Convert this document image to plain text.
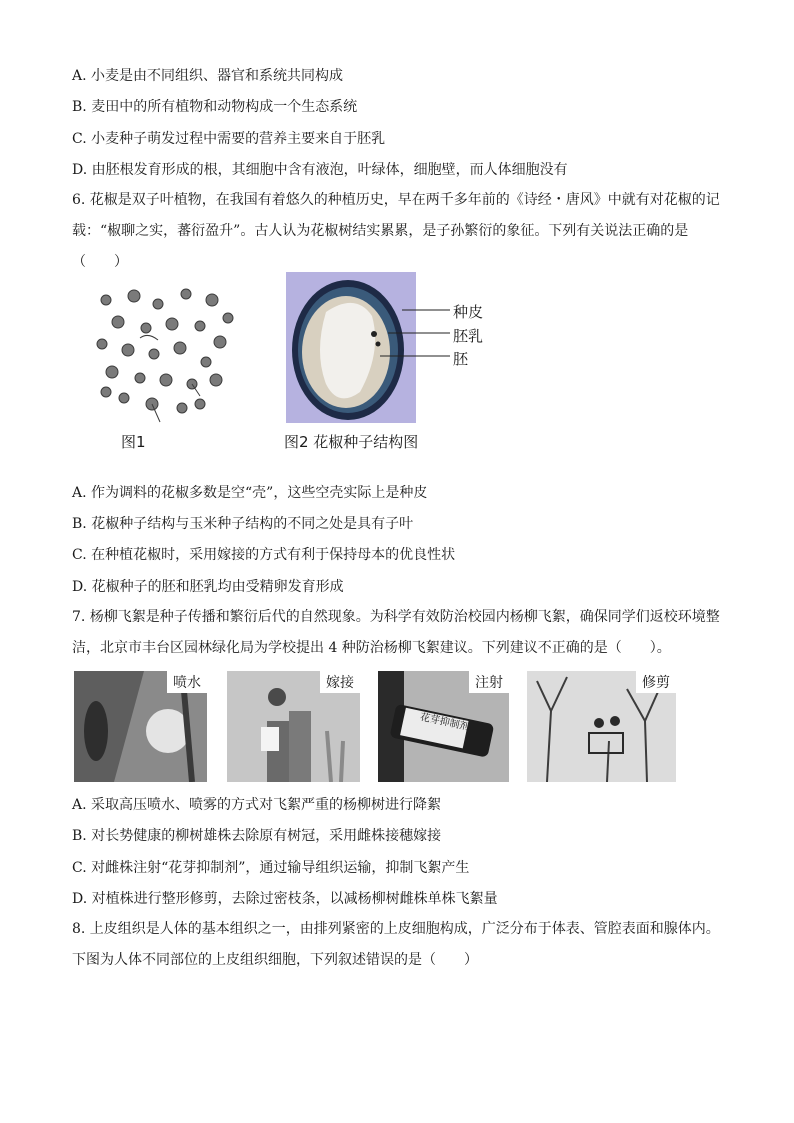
A. 小麦是由不同组织、器官和系统共同构成
B. 麦田中的所有植物和动物构成一个生态系统
C. 小麦种子萌发过程中需要的营养主要来自于胚乳
D. 由胚根发育形成的根，其细胞中含有液泡，叶绿体，细胞壁，而人体细胞没有
6. 花椒是双子叶植物，在我国有着悠久的种植历史，早在两千多年前的《诗经・唐风》中就有对花椒的记载：“椒聊之实，蕃衍盈升”。古人认为花椒树结实累累，是子孙繁衍的象征。下列有关说法正确的是（　　）
图1
种皮
胚乳
胚
图2 花椒种子结构图
A. 作为调料的花椒多数是空“壳”，这些空壳实际上是种皮
B. 花椒种子结构与玉米种子结构的不同之处是具有子叶
C. 在种植花椒时，采用嫁接的方式有利于保持母本的优良性状
D. 花椒种子的胚和胚乳均由受精卵发育形成
7. 杨柳飞絮是种子传播和繁衍后代的自然现象。为科学有效防治校园内杨柳飞絮，确保同学们返校环境整洁，北京市丰台区园林绿化局为学校提出 4 种防治杨柳飞絮建议。下列建议不正确的是（　　）。
喷水	嫁接
花芽抑制剂
注射	修剪
A. 采取高压喷水、喷雾的方式对飞絮严重的杨柳树进行降絮
B. 对长势健康的柳树雄株去除原有树冠，采用雌株接穗嫁接
C. 对雌株注射“花芽抑制剂”，通过输导组织运输，抑制飞絮产生
D. 对植株进行整形修剪，去除过密枝条，以减杨柳树雌株单株飞絮量
8. 上皮组织是人体的基本组织之一，由排列紧密的上皮细胞构成，广泛分布于体表、管腔表面和腺体内。下图为人体不同部位的上皮组织细胞，下列叙述错误的是（　　）
